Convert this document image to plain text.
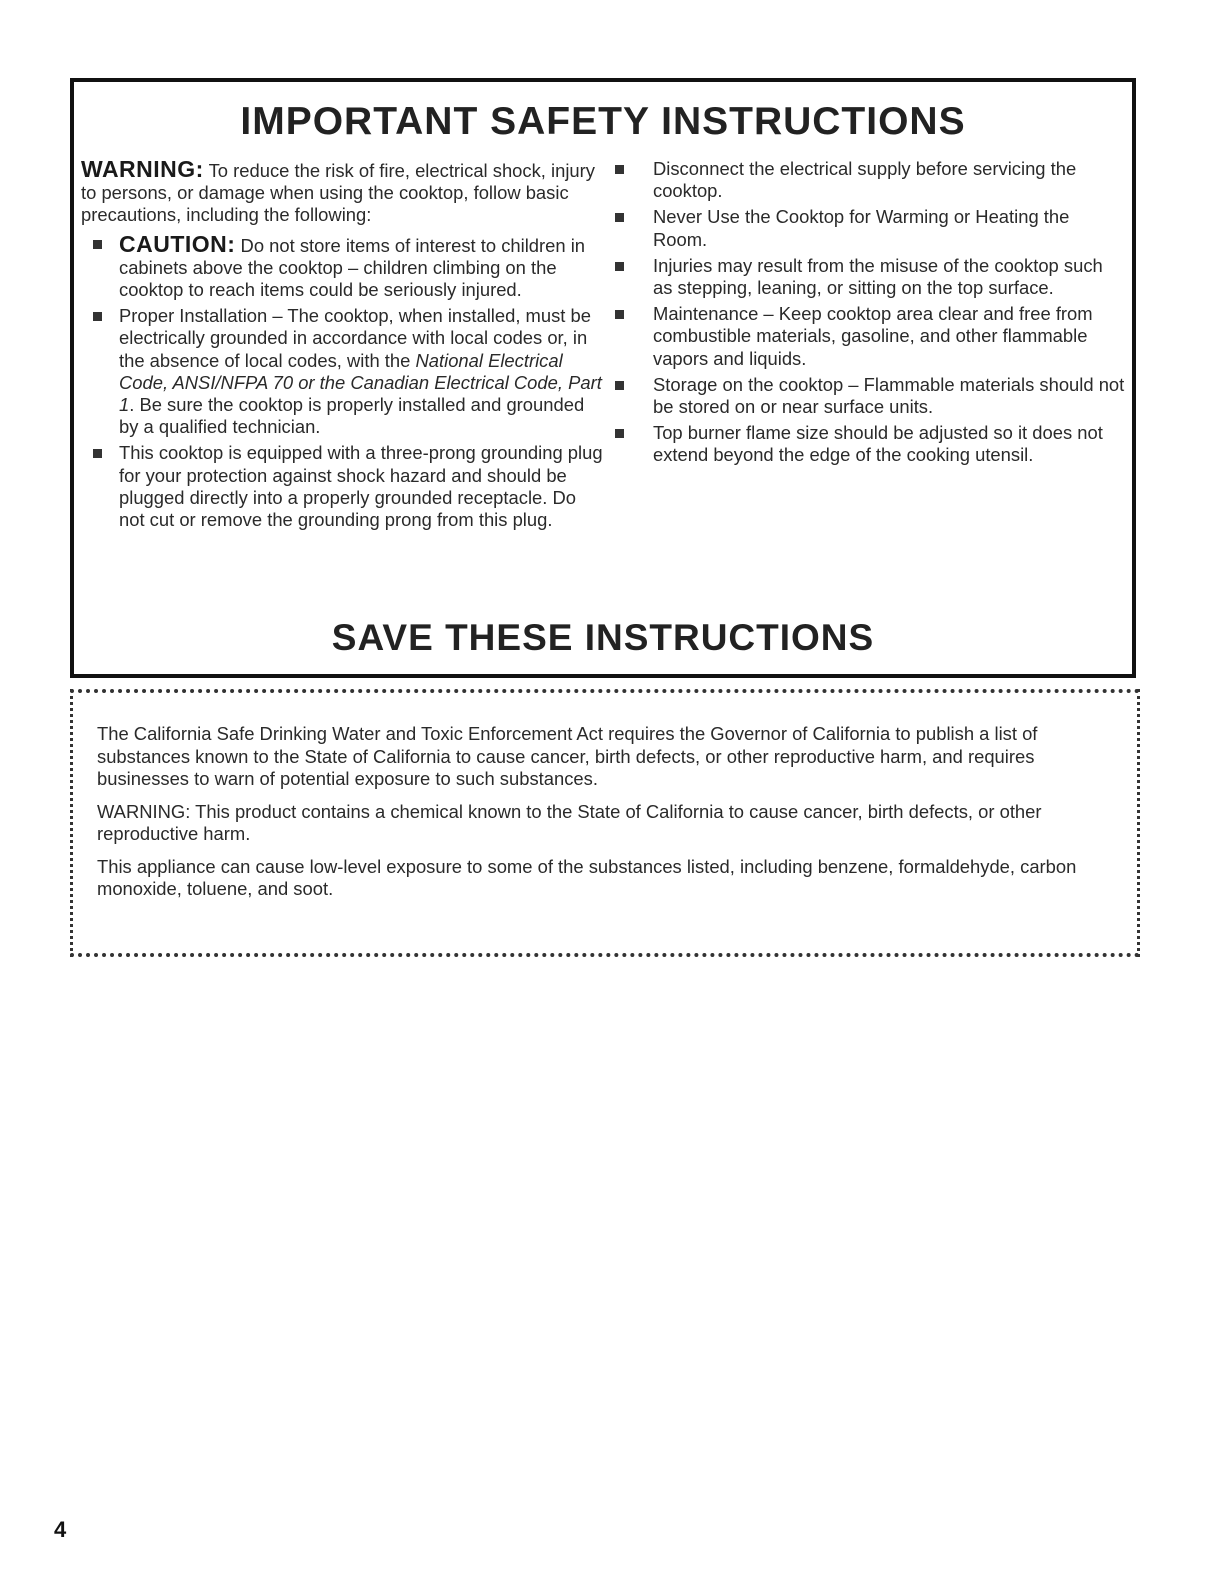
IMPORTANT SAFETY INSTRUCTIONS

WARNING: To reduce the risk of fire, electrical shock, injury to persons, or damage when using the cooktop, follow basic precautions, including the following:

CAUTION: Do not store items of interest to children in cabinets above the cooktop – children climbing on the cooktop to reach items could be seriously injured.
Proper Installation – The cooktop, when installed, must be electrically grounded in accordance with local codes or, in the absence of local codes, with the National Electrical Code, ANSI/NFPA 70 or the Canadian Electrical Code, Part 1. Be sure the cooktop is properly installed and grounded by a qualified technician.
This cooktop is equipped with a three-prong grounding plug for your protection against shock hazard and should be plugged directly into a properly grounded receptacle. Do not cut or remove the grounding prong from this plug.
Disconnect the electrical supply before servicing the cooktop.
Never Use the Cooktop for Warming or Heating the Room.
Injuries may result from the misuse of the cooktop such as stepping, leaning, or sitting on the top surface.
Maintenance – Keep cooktop area clear and free from combustible materials, gasoline, and other flammable vapors and liquids.
Storage on the cooktop – Flammable materials should not be stored on or near surface units.
Top burner flame size should be adjusted so it does not extend beyond the edge of the cooking utensil.
SAVE THESE INSTRUCTIONS

The California Safe Drinking Water and Toxic Enforcement Act requires the Governor of California to publish a list of substances known to the State of California to cause cancer, birth defects, or other reproductive harm, and requires businesses to warn of potential exposure to such substances.

WARNING: This product contains a chemical known to the State of California to cause cancer, birth defects, or other reproductive harm.

This appliance can cause low-level exposure to some of the substances listed, including benzene, formaldehyde, carbon monoxide, toluene, and soot.

4
